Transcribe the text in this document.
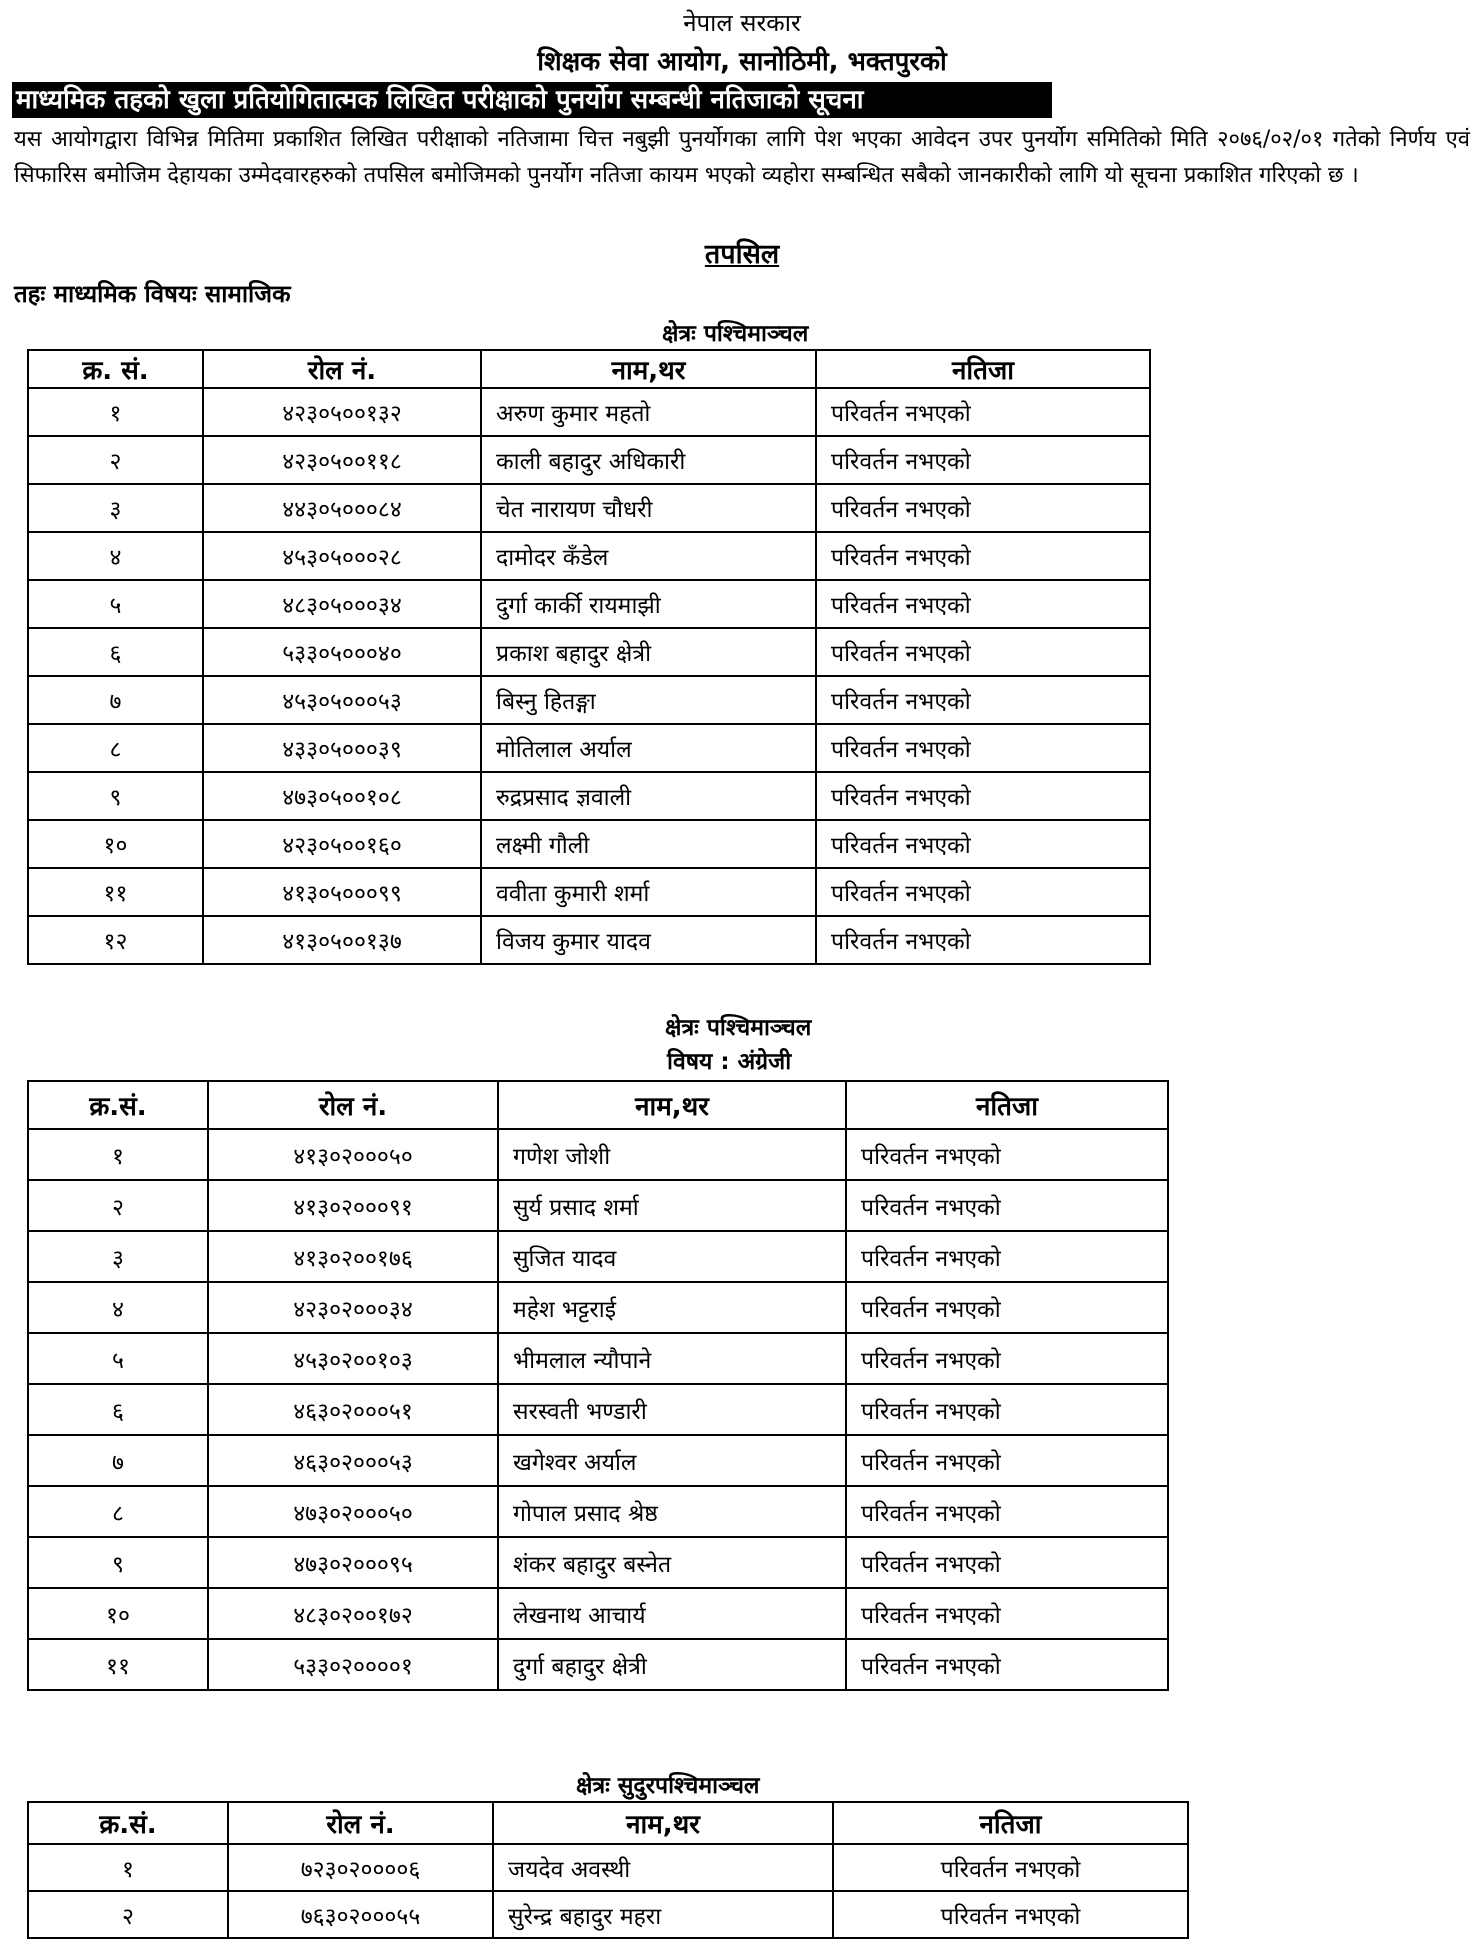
नेपाल सरकार
शिक्षक सेवा आयोग, सानोठिमी, भक्तपुरको
माध्यमिक तहको खुला प्रतियोगितात्मक लिखित परीक्षाको पुनर्योग सम्बन्धी नतिजाको सूचना
यस आयोगद्वारा विभिन्न मितिमा प्रकाशित लिखित परीक्षाको नतिजामा चित्त नबुझी पुनर्योगका लागि पेश भएका आवेदन उपर पुनर्योग समितिको मिति २०७६/०२/०१ गतेको निर्णय एवं सिफारिस बमोजिम देहायका उम्मेदवारहरुको तपसिल बमोजिमको पुनर्योग नतिजा कायम भएको व्यहोरा सम्बन्धित सबैको जानकारीको लागि यो सूचना प्रकाशित गरिएको छ ।
तपसिल
तहः माध्यमिक विषयः सामाजिक
क्षेत्रः पश्चिमाञ्चल
क्र. सं.	रोल नं.	नाम,थर	नतिजा
१	४२३०५००१३२	अरुण कुमार महतो	परिवर्तन नभएको
२	४२३०५००११८	काली बहादुर अधिकारी	परिवर्तन नभएको
३	४४३०५०००८४	चेत नारायण चौधरी	परिवर्तन नभएको
४	४५३०५०००२८	दामोदर कँडेल	परिवर्तन नभएको
५	४८३०५०००३४	दुर्गा कार्की रायमाझी	परिवर्तन नभएको
६	५३३०५०००४०	प्रकाश बहादुर क्षेत्री	परिवर्तन नभएको
७	४५३०५०००५३	बिस्नु हितङ्गा	परिवर्तन नभएको
८	४३३०५०००३९	मोतिलाल अर्याल	परिवर्तन नभएको
९	४७३०५००१०८	रुद्रप्रसाद ज्ञवाली	परिवर्तन नभएको
१०	४२३०५००१६०	लक्ष्मी गौली	परिवर्तन नभएको
११	४१३०५०००९९	ववीता कुमारी शर्मा	परिवर्तन नभएको
१२	४१३०५००१३७	विजय कुमार यादव	परिवर्तन नभएको
क्षेत्रः पश्चिमाञ्चल
विषय : अंग्रेजी
क्र.सं.	रोल नं.	नाम,थर	नतिजा
१	४१३०२०००५०	गणेश जोशी	परिवर्तन नभएको
२	४१३०२०००९१	सुर्य प्रसाद शर्मा	परिवर्तन नभएको
३	४१३०२००१७६	सुजित यादव	परिवर्तन नभएको
४	४२३०२०००३४	महेश भट्टराई	परिवर्तन नभएको
५	४५३०२००१०३	भीमलाल न्यौपाने	परिवर्तन नभएको
६	४६३०२०००५१	सरस्वती भण्डारी	परिवर्तन नभएको
७	४६३०२०००५३	खगेश्वर अर्याल	परिवर्तन नभएको
८	४७३०२०००५०	गोपाल प्रसाद श्रेष्ठ	परिवर्तन नभएको
९	४७३०२०००९५	शंकर बहादुर बस्नेत	परिवर्तन नभएको
१०	४८३०२००१७२	लेखनाथ आचार्य	परिवर्तन नभएको
११	५३३०२००००१	दुर्गा बहादुर क्षेत्री	परिवर्तन नभएको
क्षेत्रः सुदुरपश्चिमाञ्चल
क्र.सं.	रोल नं.	नाम,थर	नतिजा
१	७२३०२००००६	जयदेव अवस्थी	परिवर्तन नभएको
२	७६३०२०००५५	सुरेन्द्र बहादुर महरा	परिवर्तन नभएको
